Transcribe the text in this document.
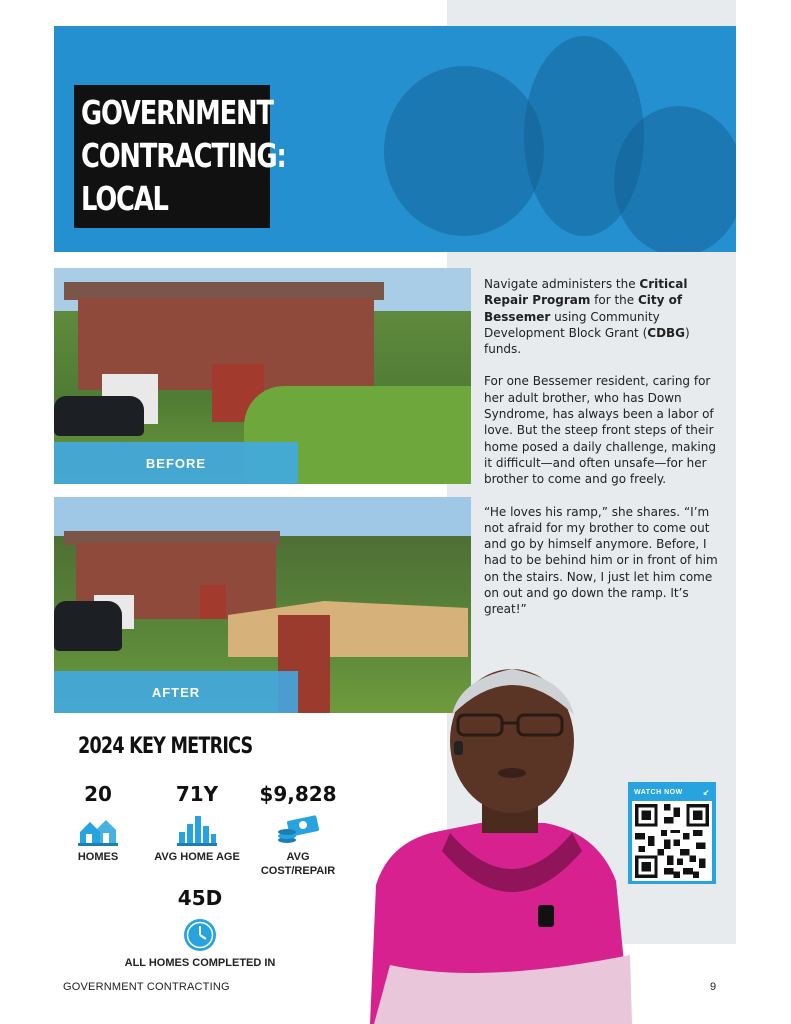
GOVERNMENT
CONTRACTING:
LOCAL
BEFORE
AFTER

Navigate administers the Critical Repair Program for the City of Bessemer using Community Development Block Grant (CDBG) funds.

For one Bessemer resident, caring for her adult brother, who has Down Syndrome, has always been a labor of love. But the steep front steps of their home posed a daily challenge, making it difficult—and often unsafe—for her brother to come and go freely.

“He loves his ramp,” she shares. “I’m not afraid for my brother to come out and go by himself anymore. Before, I had to be behind him or in front of him on the stairs. Now, I just let him come on out and go down the ramp. It’s great!”

2024 KEY METRICS
20
HOMES
71Y
AVG HOME AGE
$9,828
AVG COST/REPAIR
45D
ALL HOMES COMPLETED IN
WATCH NOW	↙
GOVERNMENT CONTRACTING	9
